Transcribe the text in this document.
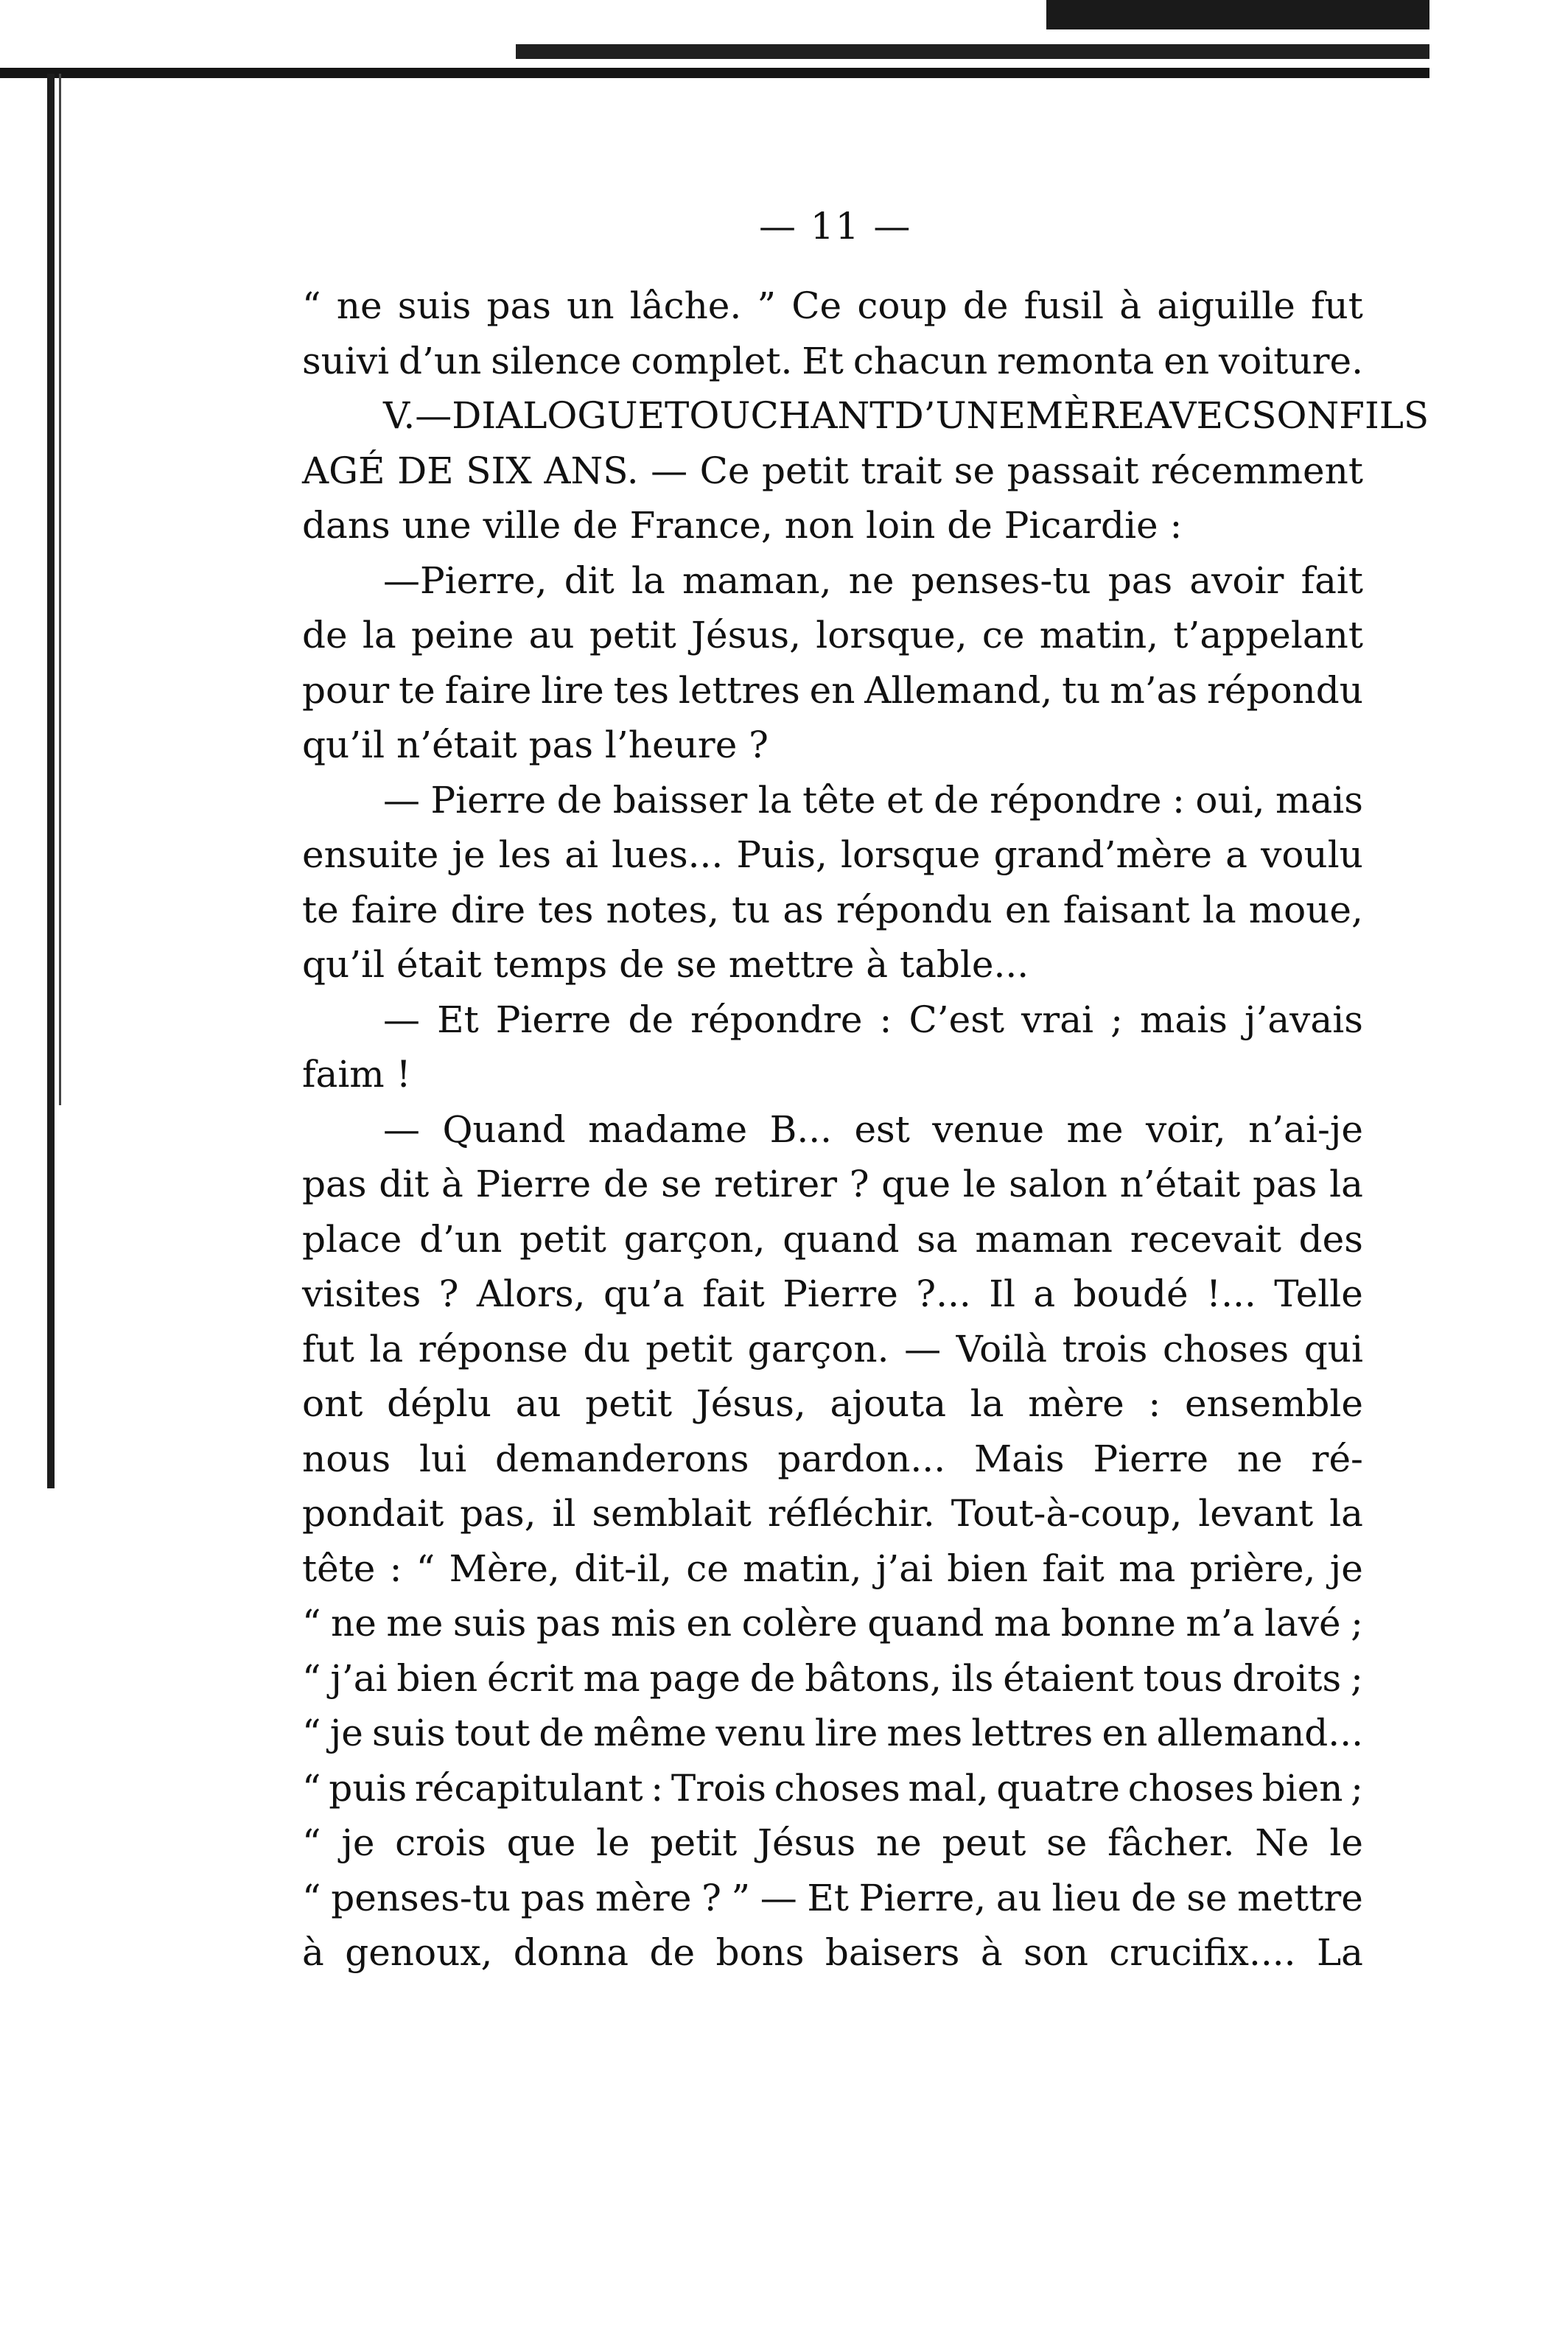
— 11 —
“ ne suis pas un lâche. ” Ce coup de fusil à aiguille fut
suivi d’un silence complet. Et chacun remonta en voiture.
V. — DIALOGUE TOUCHANT D’UNE MÈRE AVEC SON FILS
AGÉ DE SIX ANS. — Ce petit trait se passait récemment
dans une ville de France, non loin de Picardie :
—Pierre, dit la maman, ne penses-tu pas avoir fait
de la peine au petit Jésus, lorsque, ce matin, t’appelant
pour te faire lire tes lettres en Allemand, tu m’as répondu
qu’il n’était pas l’heure ?
— Pierre de baisser la tête et de répondre : oui, mais
ensuite je les ai lues... Puis, lorsque grand’mère a voulu
te faire dire tes notes, tu as répondu en faisant la moue,
qu’il était temps de se mettre à table...
— Et Pierre de répondre : C’est vrai ; mais j’avais
faim !
— Quand madame B... est venue me voir, n’ai-je
pas dit à Pierre de se retirer ? que le salon n’était pas la
place d’un petit garçon, quand sa maman recevait des
visites ? Alors, qu’a fait Pierre ?... Il a boudé !... Telle
fut la réponse du petit garçon. — Voilà trois choses qui
ont déplu au petit Jésus, ajouta la mère : ensemble
nous lui demanderons pardon... Mais Pierre ne ré-
pondait pas, il semblait réfléchir. Tout-à-coup, levant la
tête : “ Mère, dit-il, ce matin, j’ai bien fait ma prière, je
“ ne me suis pas mis en colère quand ma bonne m’a lavé ;
“ j’ai bien écrit ma page de bâtons, ils étaient tous droits ;
“ je suis tout de même venu lire mes lettres en allemand...
“ puis récapitulant : Trois choses mal, quatre choses bien ;
“ je crois que le petit Jésus ne peut se fâcher. Ne le
“ penses-tu pas mère ? ” — Et Pierre, au lieu de se mettre
à genoux, donna de bons baisers à son crucifix.... La
